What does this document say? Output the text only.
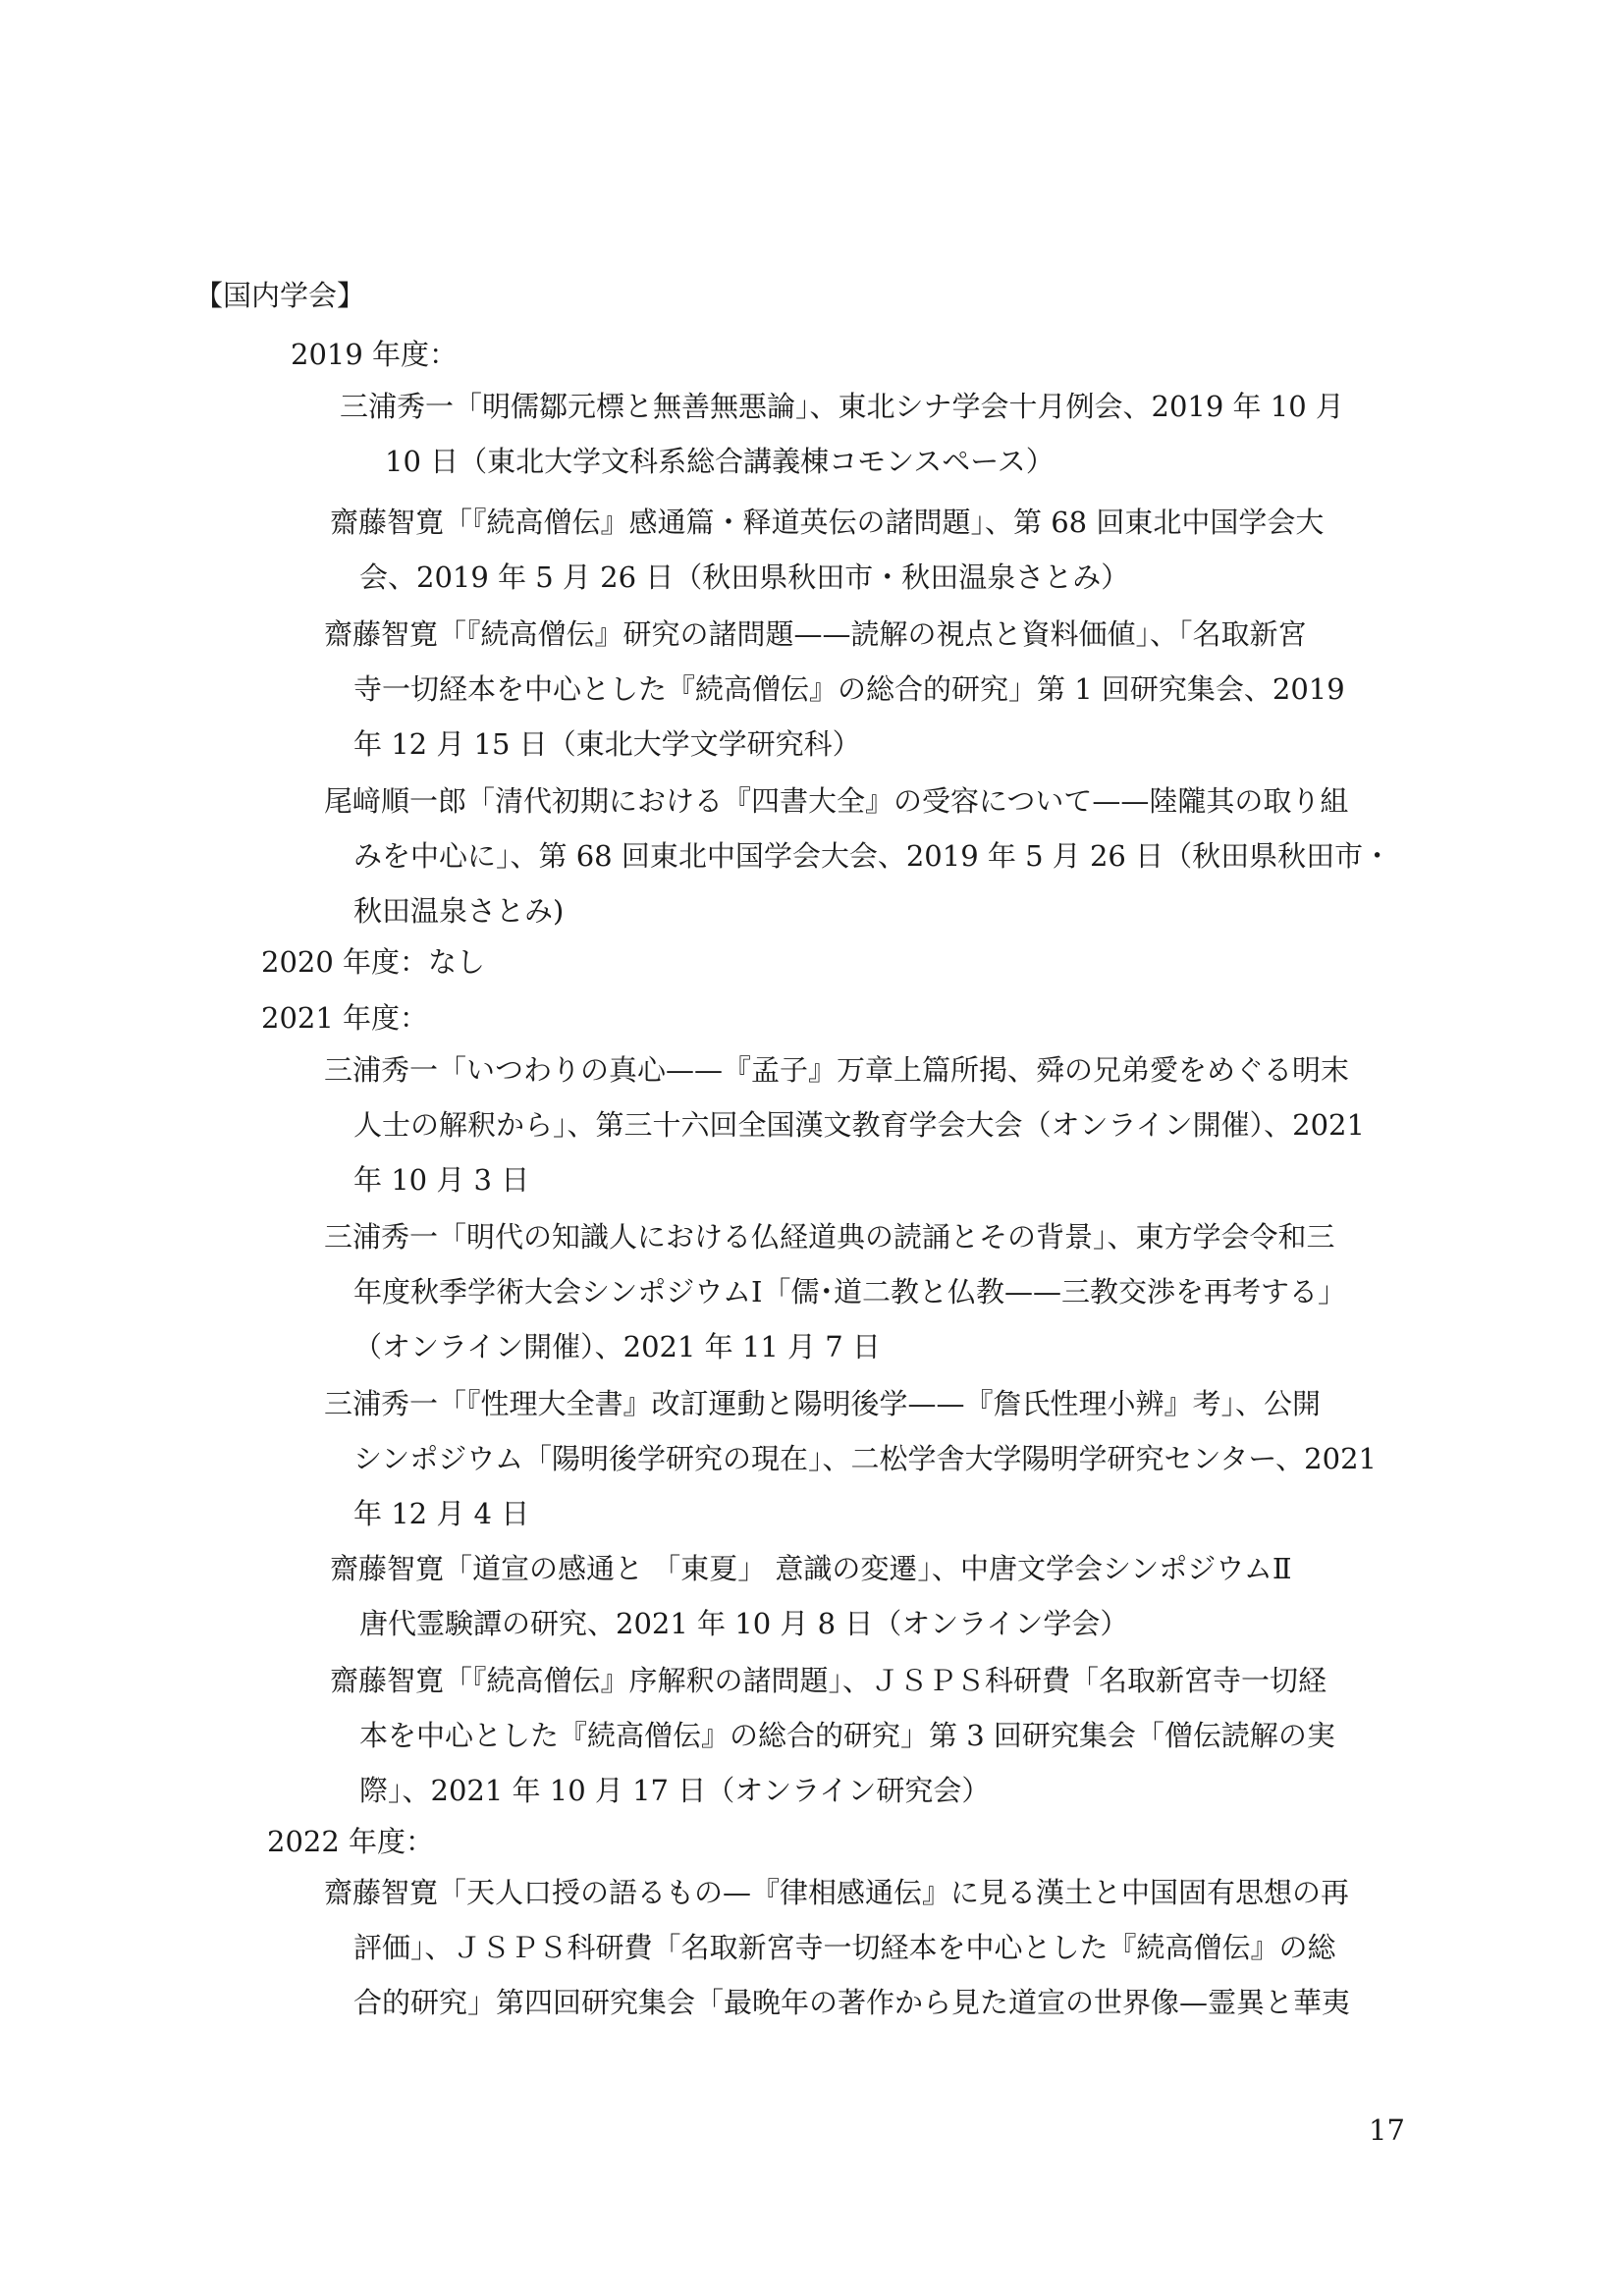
【国内学会】
2019 年度：
三浦秀一「明儒鄒元標と無善無悪論」、東北シナ学会十月例会、2019 年 10 月
10 日（東北大学文科系総合講義棟コモンスペース）
齋藤智寛「『続高僧伝』感通篇・释道英伝の諸問題」、第 68 回東北中国学会大
会、2019 年 5 月 26 日（秋田県秋田市・秋田温泉さとみ）
齋藤智寛「『続高僧伝』研究の諸問題——読解の視点と資料価値」、「名取新宮
寺一切経本を中心とした『続高僧伝』の総合的研究」第 1 回研究集会、2019
年 12 月 15 日（東北大学文学研究科）
尾﨑順一郎「清代初期における『四書大全』の受容について——陸隴其の取り組
みを中心に」、第 68 回東北中国学会大会、2019 年 5 月 26 日（秋田県秋田市・
秋田温泉さとみ)
2020 年度：なし
2021 年度：
三浦秀一「いつわりの真心——『孟子』万章上篇所掲、舜の兄弟愛をめぐる明末
人士の解釈から」、第三十六回全国漢文教育学会大会（オンライン開催）、2021
年 10 月 3 日
三浦秀一「明代の知識人における仏経道典の読誦とその背景」、東方学会令和三
年度秋季学術大会シンポジウムⅠ「儒･道二教と仏教——三教交渉を再考する」
（オンライン開催）、2021 年 11 月 7 日
三浦秀一「『性理大全書』改訂運動と陽明後学——『詹氏性理小辨』考」、公開
シンポジウム「陽明後学研究の現在」、二松学舎大学陽明学研究センター、2021
年 12 月 4 日
齋藤智寛「道宣の感通と 「東夏」 意識の変遷」、中唐文学会シンポジウムⅡ
唐代霊験譚の研究、2021 年 10 月 8 日（オンライン学会）
齋藤智寛「『続高僧伝』序解釈の諸問題」、ＪＳＰＳ科研費「名取新宮寺一切経
本を中心とした『続高僧伝』の総合的研究」第 3 回研究集会「僧伝読解の実
際」、2021 年 10 月 17 日（オンライン研究会）
2022 年度：
齋藤智寛「天人口授の語るもの—『律相感通伝』に見る漢土と中国固有思想の再
評価」、ＪＳＰＳ科研費「名取新宮寺一切経本を中心とした『続高僧伝』の総
合的研究」第四回研究集会「最晩年の著作から見た道宣の世界像—霊異と華夷
17
